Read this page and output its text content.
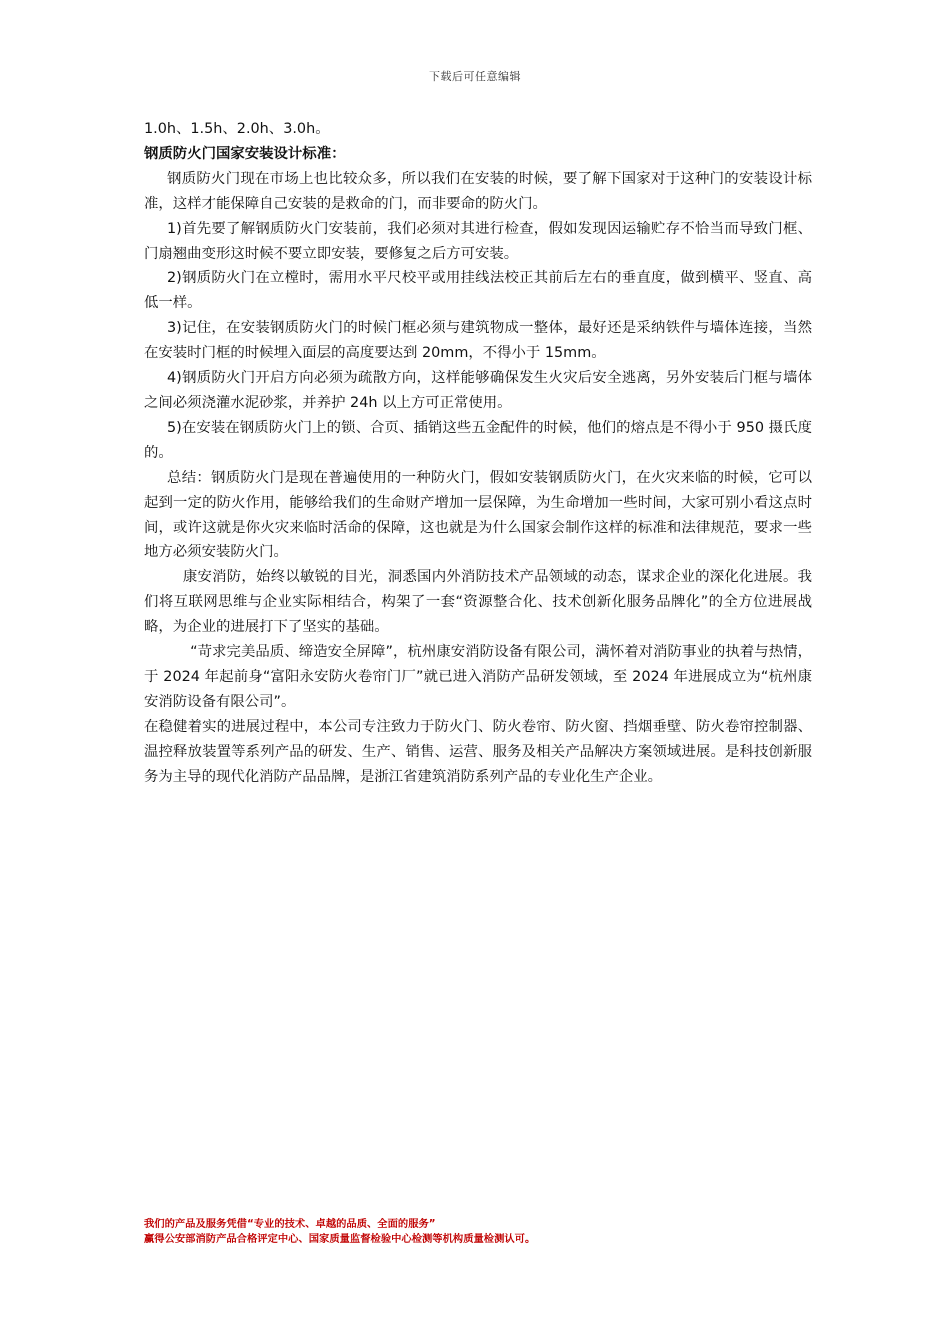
下载后可任意编辑

1.0h、1.5h、2.0h、3.0h。

钢质防火门国家安装设计标准：

钢质防火门现在市场上也比较众多，所以我们在安装的时候，要了解下国家对于这种门的安装设计标准，这样才能保障自己安装的是救命的门，而非要命的防火门。

1)首先要了解钢质防火门安装前，我们必须对其进行检查，假如发现因运输贮存不恰当而导致门框、门扇翘曲变形这时候不要立即安装，要修复之后方可安装。

2)钢质防火门在立樘时，需用水平尺校平或用挂线法校正其前后左右的垂直度，做到横平、竖直、高低一样。

3)记住，在安装钢质防火门的时候门框必须与建筑物成一整体，最好还是采纳铁件与墙体连接，当然在安装时门框的时候埋入面层的高度要达到 20mm，不得小于 15mm。

4)钢质防火门开启方向必须为疏散方向，这样能够确保发生火灾后安全逃离，另外安装后门框与墙体之间必须浇灌水泥砂浆，并养护 24h 以上方可正常使用。

5)在安装在钢质防火门上的锁、合页、插销这些五金配件的时候，他们的熔点是不得小于 950 摄氏度的。

总结：钢质防火门是现在普遍使用的一种防火门，假如安装钢质防火门，在火灾来临的时候，它可以起到一定的防火作用，能够给我们的生命财产增加一层保障，为生命增加一些时间，大家可别小看这点时间，或许这就是你火灾来临时活命的保障，这也就是为什么国家会制作这样的标准和法律规范，要求一些地方必须安装防火门。

康安消防，始终以敏锐的目光，洞悉国内外消防技术产品领域的动态，谋求企业的深化化进展。我们将互联网思维与企业实际相结合，构架了一套“资源整合化、技术创新化服务品牌化”的全方位进展战略，为企业的进展打下了坚实的基础。

“苛求完美品质、缔造安全屏障”，杭州康安消防设备有限公司，满怀着对消防事业的执着与热情，于 2024 年起前身“富阳永安防火卷帘门厂”就已进入消防产品研发领域，至 2024 年进展成立为“杭州康安消防设备有限公司”。

在稳健着实的进展过程中，本公司专注致力于防火门、防火卷帘、防火窗、挡烟垂壁、防火卷帘控制器、温控释放装置等系列产品的研发、生产、销售、运营、服务及相关产品解决方案领域进展。是科技创新服务为主导的现代化消防产品品牌，是浙江省建筑消防系列产品的专业化生产企业。

我们的产品及服务凭借“专业的技术、卓越的品质、全面的服务”

赢得公安部消防产品合格评定中心、国家质量监督检验中心检测等机构质量检测认可。
